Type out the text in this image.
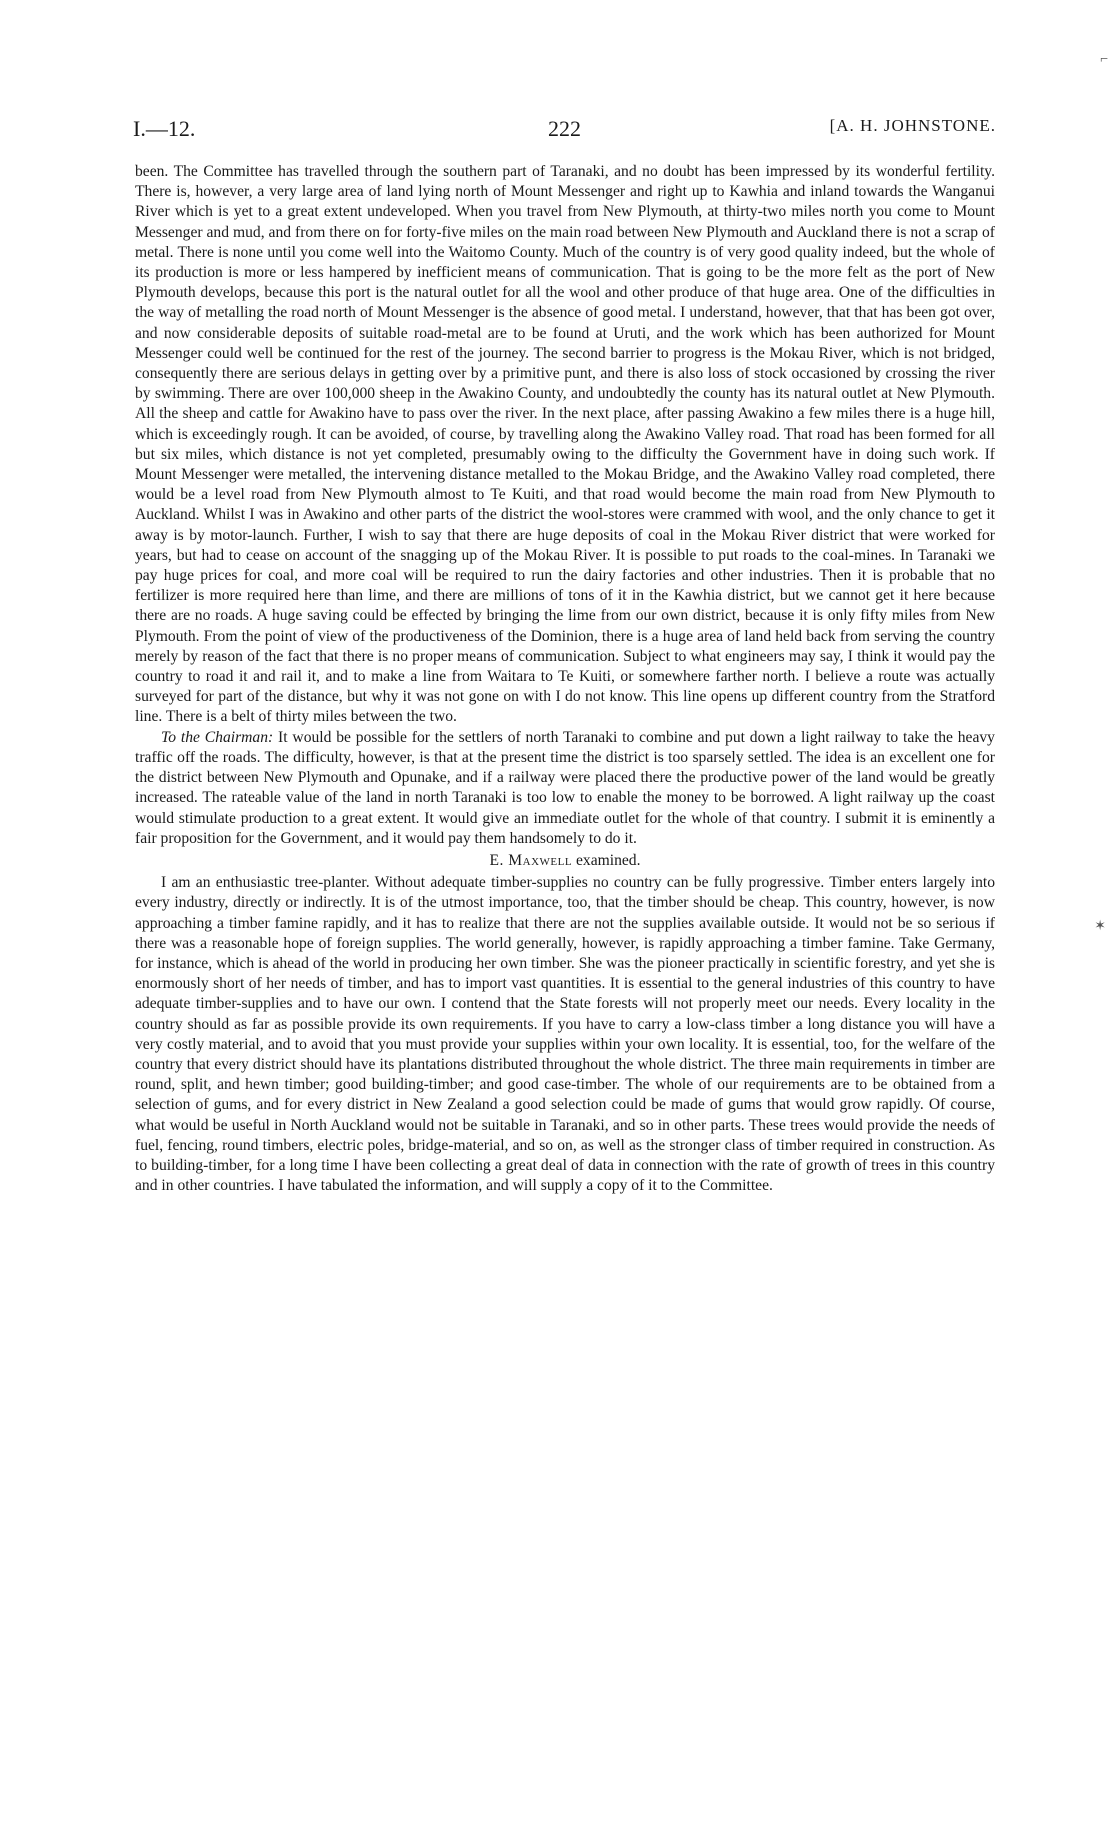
I.—12.	222	[A. H. JOHNSTONE.

been. The Committee has travelled through the southern part of Taranaki, and no doubt has been impressed by its wonderful fertility. There is, however, a very large area of land lying north of Mount Messenger and right up to Kawhia and inland towards the Wanganui River which is yet to a great extent undeveloped. When you travel from New Plymouth, at thirty-two miles north you come to Mount Messenger and mud, and from there on for forty-five miles on the main road between New Plymouth and Auckland there is not a scrap of metal. There is none until you come well into the Waitomo County. Much of the country is of very good quality indeed, but the whole of its production is more or less hampered by inefficient means of communication. That is going to be the more felt as the port of New Plymouth develops, because this port is the natural outlet for all the wool and other produce of that huge area. One of the difficulties in the way of metalling the road north of Mount Messenger is the absence of good metal. I understand, however, that that has been got over, and now considerable deposits of suitable road-metal are to be found at Uruti, and the work which has been authorized for Mount Messenger could well be continued for the rest of the journey. The second barrier to progress is the Mokau River, which is not bridged, consequently there are serious delays in getting over by a primitive punt, and there is also loss of stock occasioned by crossing the river by swimming. There are over 100,000 sheep in the Awakino County, and undoubtedly the county has its natural outlet at New Plymouth. All the sheep and cattle for Awakino have to pass over the river. In the next place, after passing Awakino a few miles there is a huge hill, which is exceedingly rough. It can be avoided, of course, by travelling along the Awakino Valley road. That road has been formed for all but six miles, which distance is not yet completed, presumably owing to the difficulty the Government have in doing such work. If Mount Messenger were metalled, the intervening distance metalled to the Mokau Bridge, and the Awakino Valley road completed, there would be a level road from New Plymouth almost to Te Kuiti, and that road would become the main road from New Plymouth to Auckland. Whilst I was in Awakino and other parts of the district the wool-stores were crammed with wool, and the only chance to get it away is by motor-launch. Further, I wish to say that there are huge deposits of coal in the Mokau River district that were worked for years, but had to cease on account of the snagging up of the Mokau River. It is possible to put roads to the coal-mines. In Taranaki we pay huge prices for coal, and more coal will be required to run the dairy factories and other industries. Then it is probable that no fertilizer is more required here than lime, and there are millions of tons of it in the Kawhia district, but we cannot get it here because there are no roads. A huge saving could be effected by bringing the lime from our own district, because it is only fifty miles from New Plymouth. From the point of view of the productiveness of the Dominion, there is a huge area of land held back from serving the country merely by reason of the fact that there is no proper means of communication. Subject to what engineers may say, I think it would pay the country to road it and rail it, and to make a line from Waitara to Te Kuiti, or somewhere farther north. I believe a route was actually surveyed for part of the distance, but why it was not gone on with I do not know. This line opens up different country from the Stratford line. There is a belt of thirty miles between the two.

To the Chairman: It would be possible for the settlers of north Taranaki to combine and put down a light railway to take the heavy traffic off the roads. The difficulty, however, is that at the present time the district is too sparsely settled. The idea is an excellent one for the district between New Plymouth and Opunake, and if a railway were placed there the productive power of the land would be greatly increased. The rateable value of the land in north Taranaki is too low to enable the money to be borrowed. A light railway up the coast would stimulate production to a great extent. It would give an immediate outlet for the whole of that country. I submit it is eminently a fair proposition for the Government, and it would pay them handsomely to do it.

E. Maxwell examined.

I am an enthusiastic tree-planter. Without adequate timber-supplies no country can be fully progressive. Timber enters largely into every industry, directly or indirectly. It is of the utmost importance, too, that the timber should be cheap. This country, however, is now approaching a timber famine rapidly, and it has to realize that there are not the supplies available outside. It would not be so serious if there was a reasonable hope of foreign supplies. The world generally, however, is rapidly approaching a timber famine. Take Germany, for instance, which is ahead of the world in producing her own timber. She was the pioneer practically in scientific forestry, and yet she is enormously short of her needs of timber, and has to import vast quantities. It is essential to the general industries of this country to have adequate timber-supplies and to have our own. I contend that the State forests will not properly meet our needs. Every locality in the country should as far as possible provide its own requirements. If you have to carry a low-class timber a long distance you will have a very costly material, and to avoid that you must provide your supplies within your own locality. It is essential, too, for the welfare of the country that every district should have its plantations distributed throughout the whole district. The three main requirements in timber are round, split, and hewn timber; good building-timber; and good case-timber. The whole of our requirements are to be obtained from a selection of gums, and for every district in New Zealand a good selection could be made of gums that would grow rapidly. Of course, what would be useful in North Auckland would not be suitable in Taranaki, and so in other parts. These trees would provide the needs of fuel, fencing, round timbers, electric poles, bridge-material, and so on, as well as the stronger class of timber required in construction. As to building-timber, for a long time I have been collecting a great deal of data in connection with the rate of growth of trees in this country and in other countries. I have tabulated the information, and will supply a copy of it to the Committee.

⌐
✶
